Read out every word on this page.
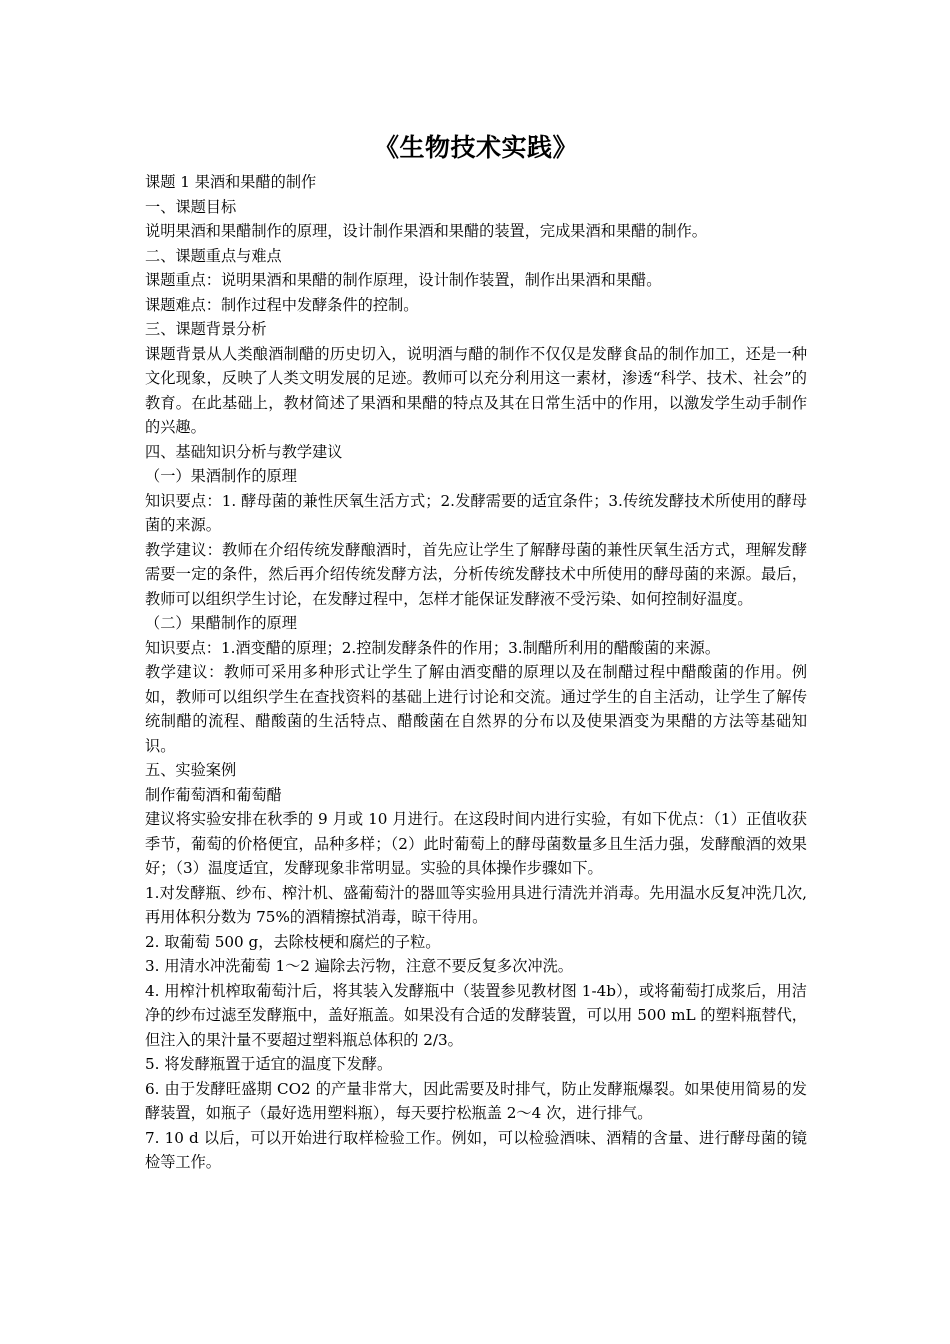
《生物技术实践》

课题 1 果酒和果醋的制作

一、课题目标

说明果酒和果醋制作的原理，设计制作果酒和果醋的装置，完成果酒和果醋的制作。

二、课题重点与难点

课题重点：说明果酒和果醋的制作原理，设计制作装置，制作出果酒和果醋。

课题难点：制作过程中发酵条件的控制。

三、课题背景分析

课题背景从人类酿酒制醋的历史切入，说明酒与醋的制作不仅仅是发酵食品的制作加工，还是一种文化现象，反映了人类文明发展的足迹。教师可以充分利用这一素材，渗透“科学、技术、社会”的教育。在此基础上，教材简述了果酒和果醋的特点及其在日常生活中的作用，以激发学生动手制作的兴趣。

四、基础知识分析与教学建议

（一）果酒制作的原理

知识要点：1. 酵母菌的兼性厌氧生活方式；2.发酵需要的适宜条件；3.传统发酵技术所使用的酵母菌的来源。

教学建议：教师在介绍传统发酵酿酒时，首先应让学生了解酵母菌的兼性厌氧生活方式，理解发酵需要一定的条件，然后再介绍传统发酵方法，分析传统发酵技术中所使用的酵母菌的来源。最后，教师可以组织学生讨论，在发酵过程中，怎样才能保证发酵液不受污染、如何控制好温度。

（二）果醋制作的原理

知识要点：1.酒变醋的原理；2.控制发酵条件的作用；3.制醋所利用的醋酸菌的来源。

教学建议：教师可采用多种形式让学生了解由酒变醋的原理以及在制醋过程中醋酸菌的作用。例如，教师可以组织学生在查找资料的基础上进行讨论和交流。通过学生的自主活动，让学生了解传统制醋的流程、醋酸菌的生活特点、醋酸菌在自然界的分布以及使果酒变为果醋的方法等基础知识。

五、实验案例

制作葡萄酒和葡萄醋

建议将实验安排在秋季的 9 月或 10 月进行。在这段时间内进行实验，有如下优点：（1）正值收获季节，葡萄的价格便宜，品种多样；（2）此时葡萄上的酵母菌数量多且生活力强，发酵酿酒的效果好；（3）温度适宜，发酵现象非常明显。实验的具体操作步骤如下。

1.对发酵瓶、纱布、榨汁机、盛葡萄汁的器皿等实验用具进行清洗并消毒。先用温水反复冲洗几次,再用体积分数为 75%的酒精擦拭消毒，晾干待用。

2. 取葡萄 500 g，去除枝梗和腐烂的子粒。

3. 用清水冲洗葡萄 1～2 遍除去污物，注意不要反复多次冲洗。

4. 用榨汁机榨取葡萄汁后，将其装入发酵瓶中（装置参见教材图 1-4b），或将葡萄打成浆后，用洁净的纱布过滤至发酵瓶中，盖好瓶盖。如果没有合适的发酵装置，可以用 500 mL 的塑料瓶替代，但注入的果汁量不要超过塑料瓶总体积的 2/3。

5. 将发酵瓶置于适宜的温度下发酵。

6. 由于发酵旺盛期 CO2 的产量非常大，因此需要及时排气，防止发酵瓶爆裂。如果使用简易的发酵装置，如瓶子（最好选用塑料瓶），每天要拧松瓶盖 2～4 次，进行排气。

7. 10 d 以后，可以开始进行取样检验工作。例如，可以检验酒味、酒精的含量、进行酵母菌的镜检等工作。
